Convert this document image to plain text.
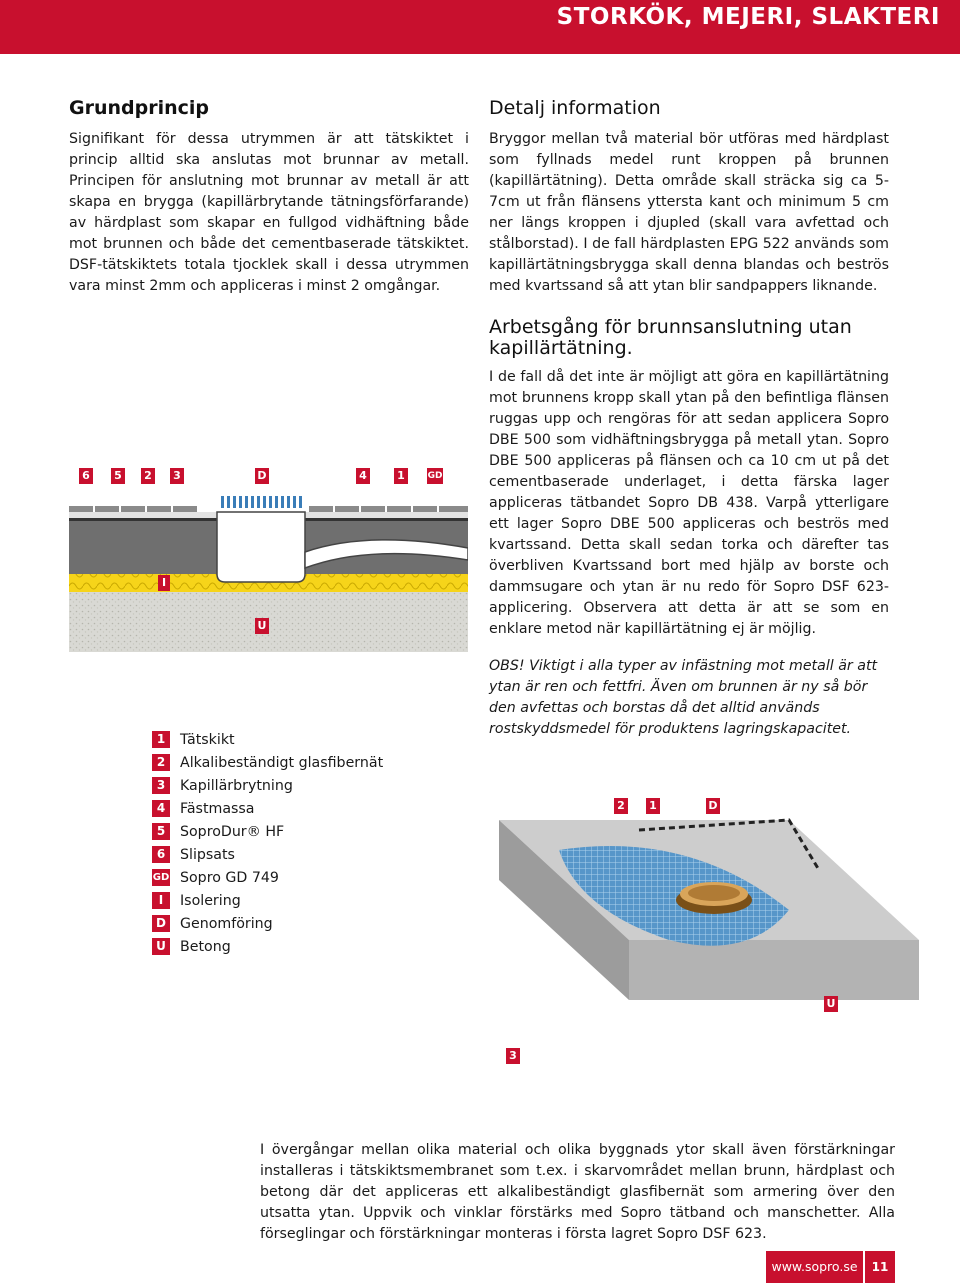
STORKÖK, MEJERI, SLAKTERI
Grundprincip

Signifikant för dessa utrymmen är att tätskiktet i princip alltid ska anslutas mot brunnar av metall. Principen för anslutning mot brunnar av metall är att skapa en brygga (kapillärbrytande tätningsförfarande) av härdplast som skapar en fullgod vidhäftning både mot brunnen och både det cementbaserade tätskiktet. DSF-tätskiktets totala tjocklek skall i dessa utrymmen vara minst 2mm och appliceras i minst 2 omgångar.

Detalj information

Bryggor mellan två material bör utföras med härdplast som fyllnads medel runt kroppen på brunnen (kapillärtätning). Detta område skall sträcka sig ca 5-7cm ut från flänsens yttersta kant och minimum 5 cm ner längs kroppen i djupled (skall vara avfettad och stålborstad). I de fall härdplasten EPG 522 används som kapillärtätningsbrygga skall denna blandas och beströs med kvartssand så att ytan blir sandpappers liknande.

Arbetsgång för brunnsanslutning utan kapillärtätning.

I de fall då det inte är möjligt att göra en kapillärtätning mot brunnens kropp skall ytan på den befintliga flänsen ruggas upp och rengöras för att sedan applicera Sopro DBE 500 som vidhäftningsbrygga på metall ytan. Sopro DBE 500 appliceras på flänsen och ca 10 cm ut på det cementbaserade underlaget, i detta färska lager appliceras tätbandet Sopro DB 438. Varpå ytterligare ett lager Sopro DBE 500 appliceras och beströs med kvartssand. Detta skall sedan torka och därefter tas överbliven Kvartssand bort med hjälp av borste och dammsugare och ytan är nu redo för Sopro DSF 623-applicering. Observera att detta är att se som en enklare metod när kapillärtätning ej är möjlig.

OBS! Viktigt i alla typer av infästning mot metall är att ytan är ren och fettfri. Även om brunnen är ny så bör den avfettas och borstas då det alltid används rostskyddsmedel för produktens lagringskapacitet.

6 5 2 3	D	4	1	GD
I
U
1	Tätskikt
2	Alkalibeständigt glasfibernät
3	Kapillärbrytning
4	Fästmassa
5	SoproDur® HF
6	Slipsats
GD Sopro GD 749
I	Isolering
D Genomföring
U Betong
2 1	D
U
3

I övergångar mellan olika material och olika byggnads ytor skall även förstärkningar installeras i tätskiktsmembranet som t.ex. i skarvområdet mellan brunn, härdplast och betong där det appliceras ett alkalibeständigt glasfibernät som armering över den utsatta ytan. Uppvik och vinklar förstärks med Sopro tätband och manschetter. Alla förseglingar och förstärkningar monteras i första lagret Sopro DSF 623.

www.sopro.se	11
